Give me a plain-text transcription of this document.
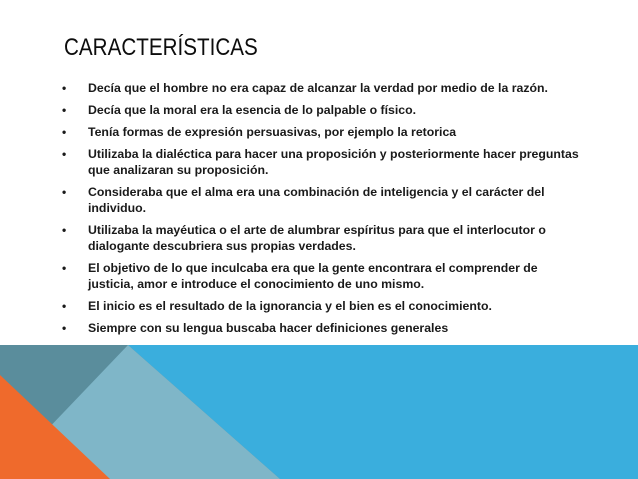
CARACTERÍSTICAS
• Decía que el hombre no era capaz de alcanzar la verdad por medio de la razón.
• Decía que la moral era la esencia de lo palpable o físico.
• Tenía formas de expresión persuasivas, por ejemplo la retorica
• Utilizaba la dialéctica para hacer una proposición y posteriormente hacer preguntas que analizaran su proposición.
• Consideraba que el alma era una combinación de inteligencia y el carácter del individuo.
• Utilizaba la mayéutica o el arte de alumbrar espíritus para que el interlocutor o dialogante descubriera sus propias verdades.
• El objetivo de lo que inculcaba era que la gente encontrara el comprender de justicia, amor e introduce el conocimiento de uno mismo.
• El inicio es el resultado de la ignorancia y el bien es el conocimiento.
• Siempre con su lengua buscaba hacer definiciones generales
